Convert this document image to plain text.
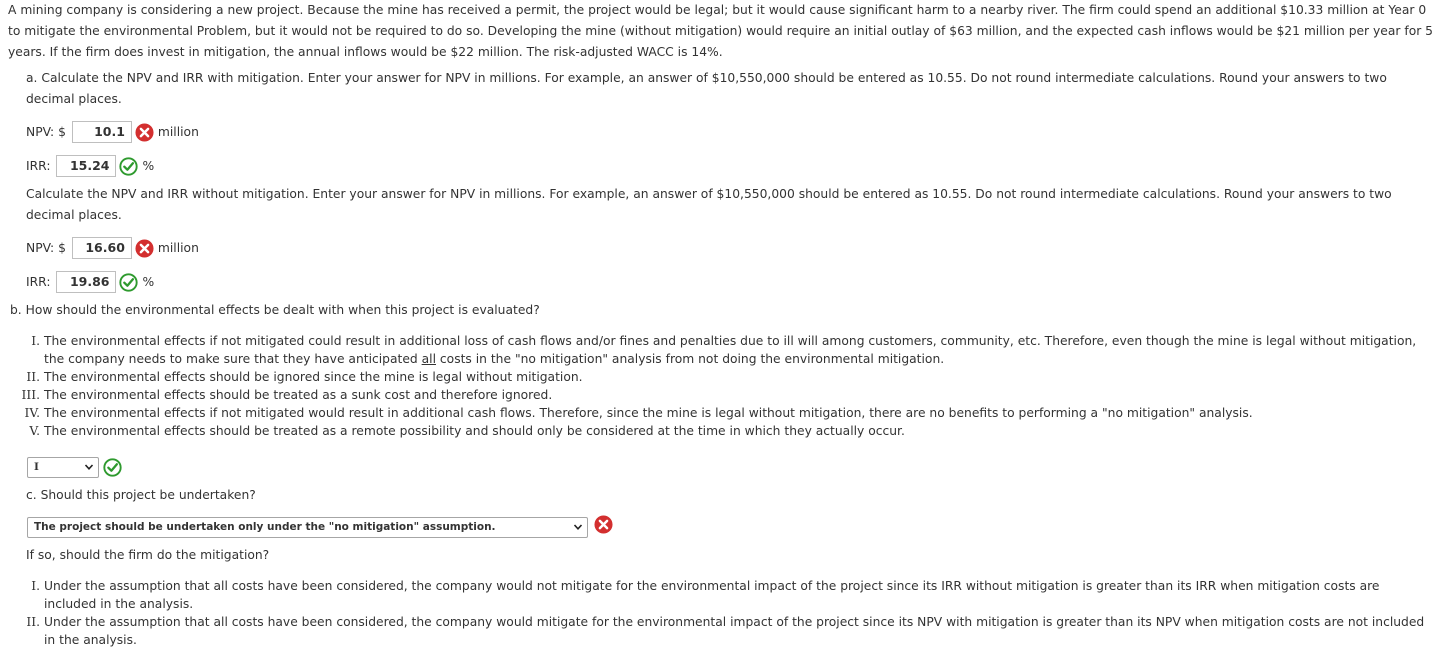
A mining company is considering a new project. Because the mine has received a permit, the project would be legal; but it would cause significant harm to a nearby river. The firm could spend an additional $10.33 million at Year 0 to mitigate the environmental Problem, but it would not be required to do so. Developing the mine (without mitigation) would require an initial outlay of $63 million, and the expected cash inflows would be $21 million per year for 5 years. If the firm does invest in mitigation, the annual inflows would be $22 million. The risk-adjusted WACC is 14%.
a. Calculate the NPV and IRR with mitigation. Enter your answer for NPV in millions. For example, an answer of $10,550,000 should be entered as 10.55. Do not round intermediate calculations. Round your answers to two decimal places.
NPV: $	10.1	million
IRR:	15.24	%
Calculate the NPV and IRR without mitigation. Enter your answer for NPV in millions. For example, an answer of $10,550,000 should be entered as 10.55. Do not round intermediate calculations. Round your answers to two decimal places.
NPV: $	16.60	million
IRR:	19.86	%
b. How should the environmental effects be dealt with when this project is evaluated?
I. The environmental effects if not mitigated could result in additional loss of cash flows and/or fines and penalties due to ill will among customers, community, etc. Therefore, even though the mine is legal without mitigation, the company needs to make sure that they have anticipated all costs in the "no mitigation" analysis from not doing the environmental mitigation.
II. The environmental effects should be ignored since the mine is legal without mitigation.
III. The environmental effects should be treated as a sunk cost and therefore ignored.
IV. The environmental effects if not mitigated would result in additional cash flows. Therefore, since the mine is legal without mitigation, there are no benefits to performing a "no mitigation" analysis.
V. The environmental effects should be treated as a remote possibility and should only be considered at the time in which they actually occur.
I
c. Should this project be undertaken?
The project should be undertaken only under the "no mitigation" assumption.
If so, should the firm do the mitigation?
I. Under the assumption that all costs have been considered, the company would not mitigate for the environmental impact of the project since its IRR without mitigation is greater than its IRR when mitigation costs are included in the analysis.
II. Under the assumption that all costs have been considered, the company would mitigate for the environmental impact of the project since its NPV with mitigation is greater than its NPV when mitigation costs are not included in the analysis.
